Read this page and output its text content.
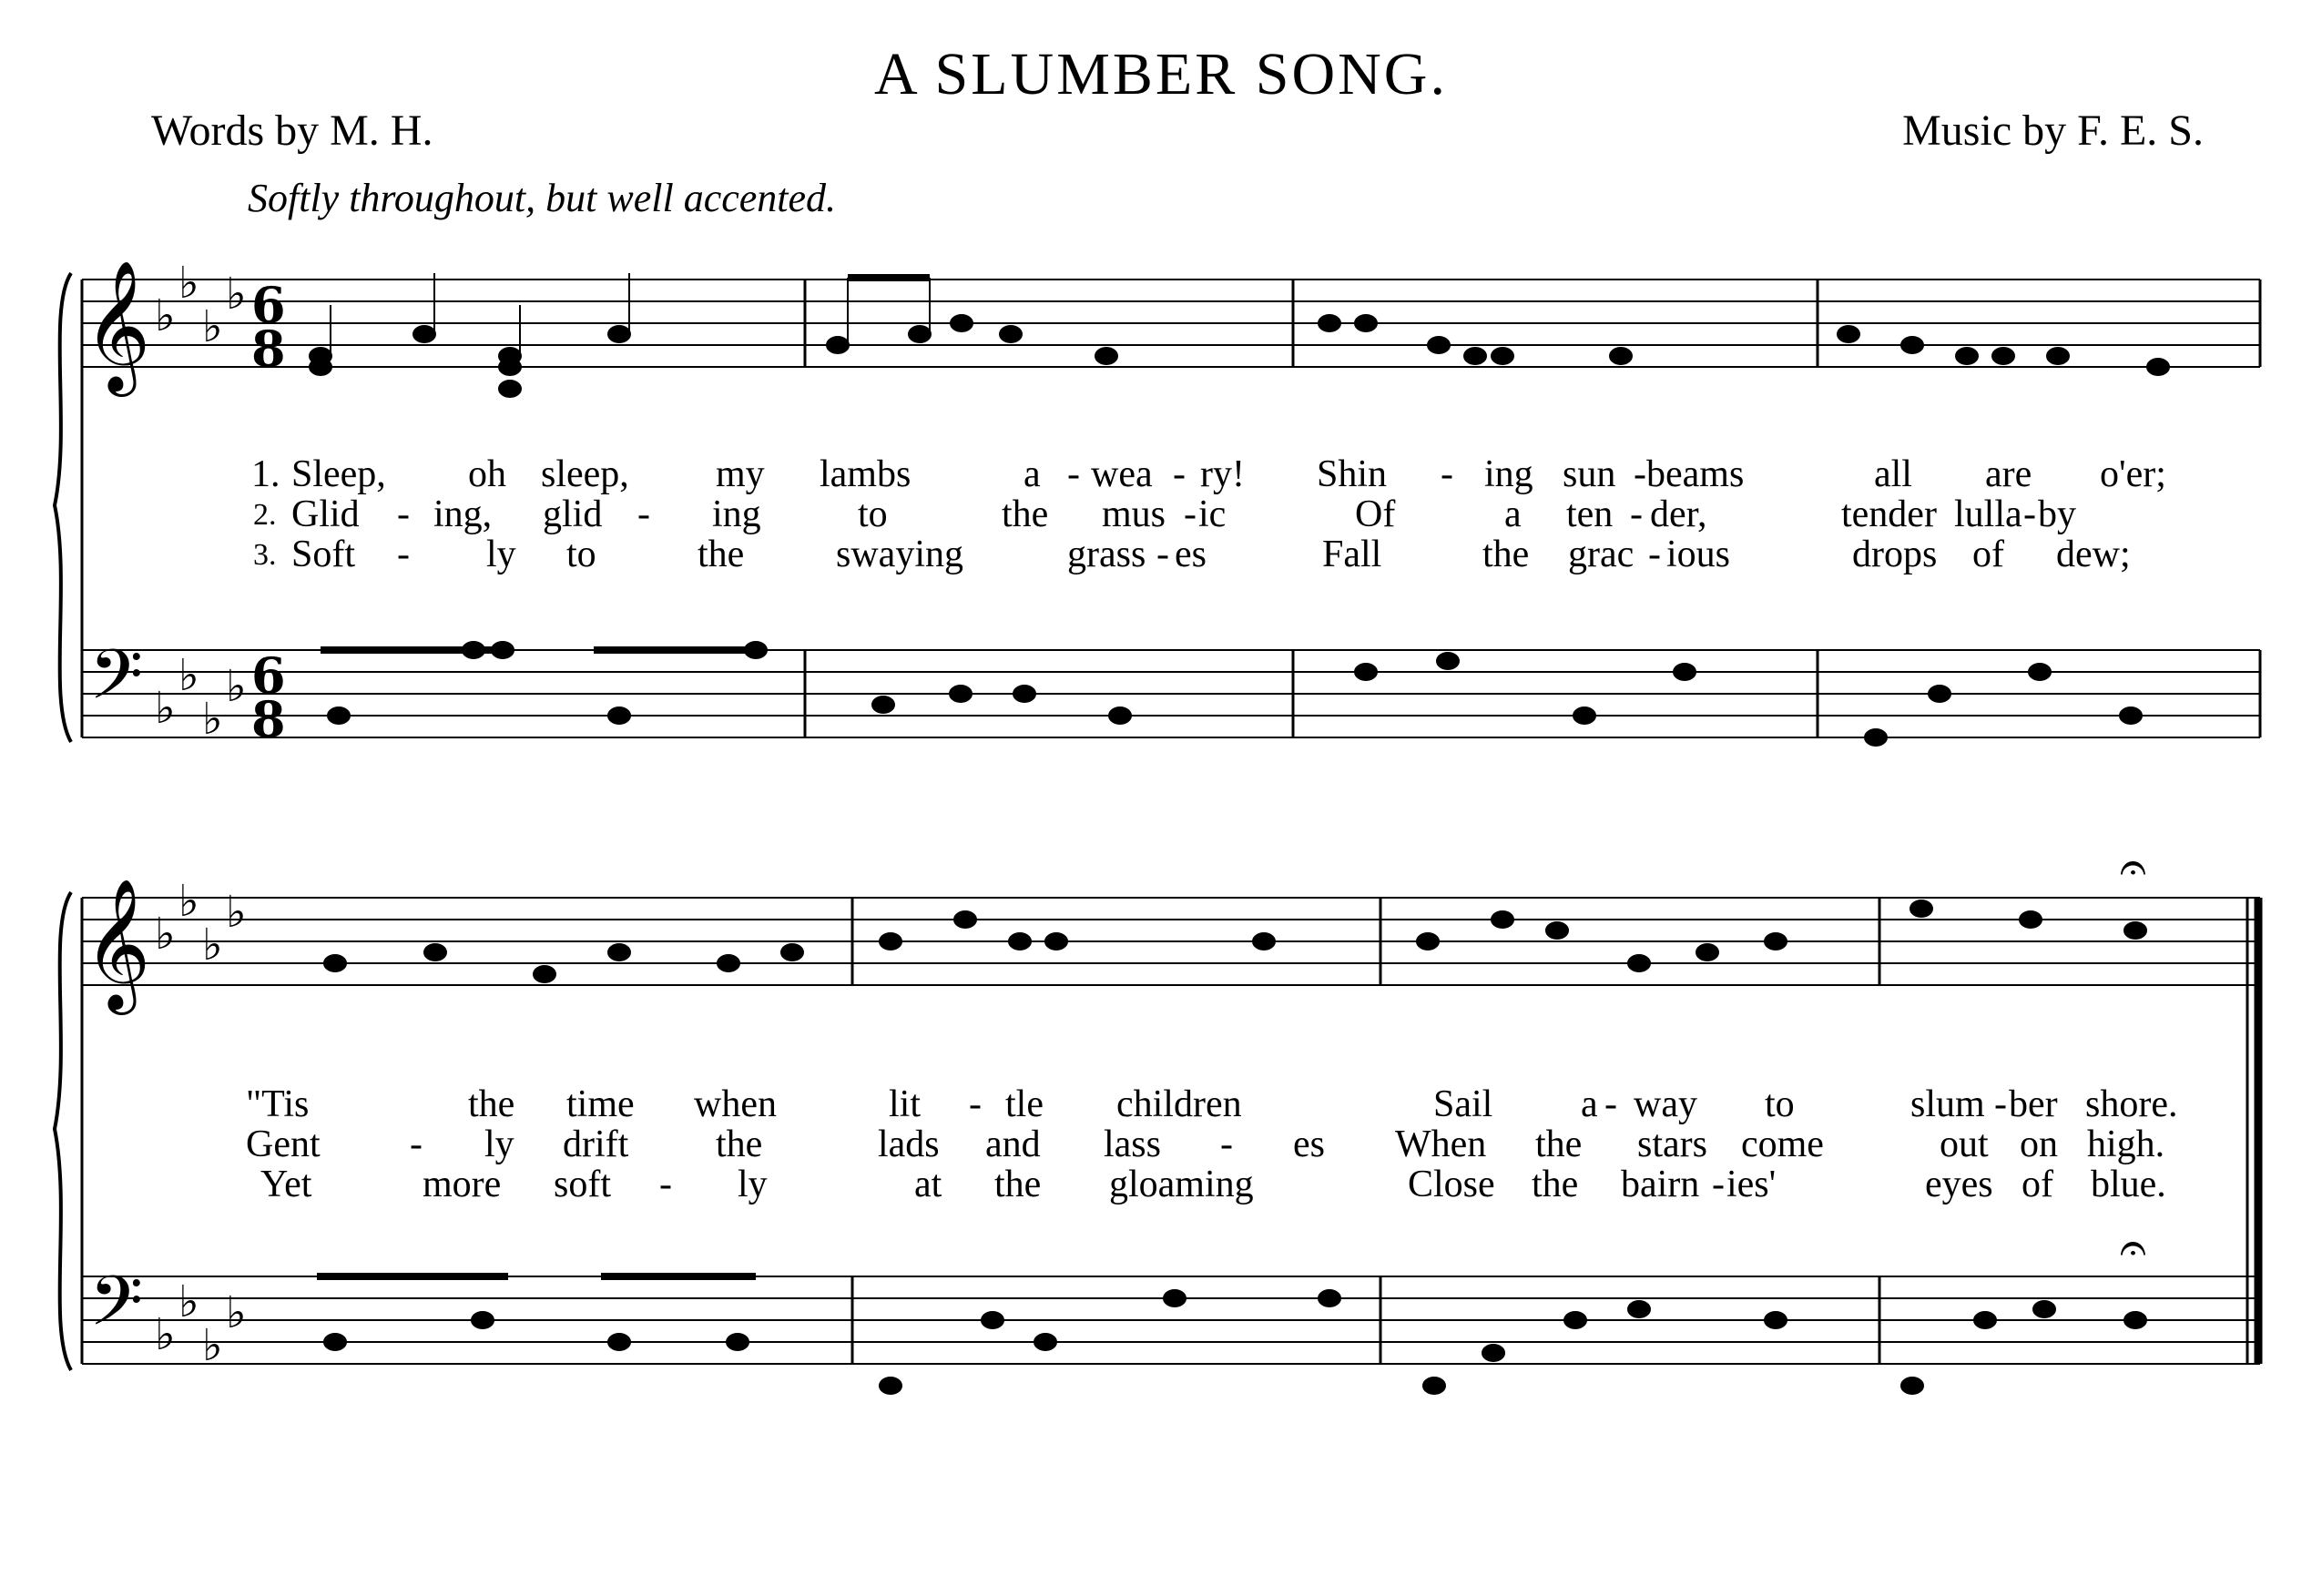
A SLUMBER SONG.
Words by M. H.	Music by F. E. S.
Softly throughout, but well accented.
𝄞
𝄢
𝄞
𝄢
♭
♭
♭
♭
♭
♭
♭
♭
♭
♭
♭
♭
♭
♭
♭
♭
6
8
6
8
𝄐
𝄐
1. Sleep, oh sleep, my lambs	a - wea - ry! Shin - ing sun - beams	all are o'er;
2. Glid - ing, glid - ing	to	the mus - ic	Of	a ten - der,	tender lulla - by
3. Soft - ly to	the swaying	grass - es	Fall	the grac - ious	drops of dew;
"Tis	the time when	lit - tle children	Sail a - way to	slum - ber shore.
Gent - ly drift the	lads and lass - es When the stars come	out on high.
Yet	more soft - ly	at the gloaming	Close the bairn - ies'	eyes of blue.
